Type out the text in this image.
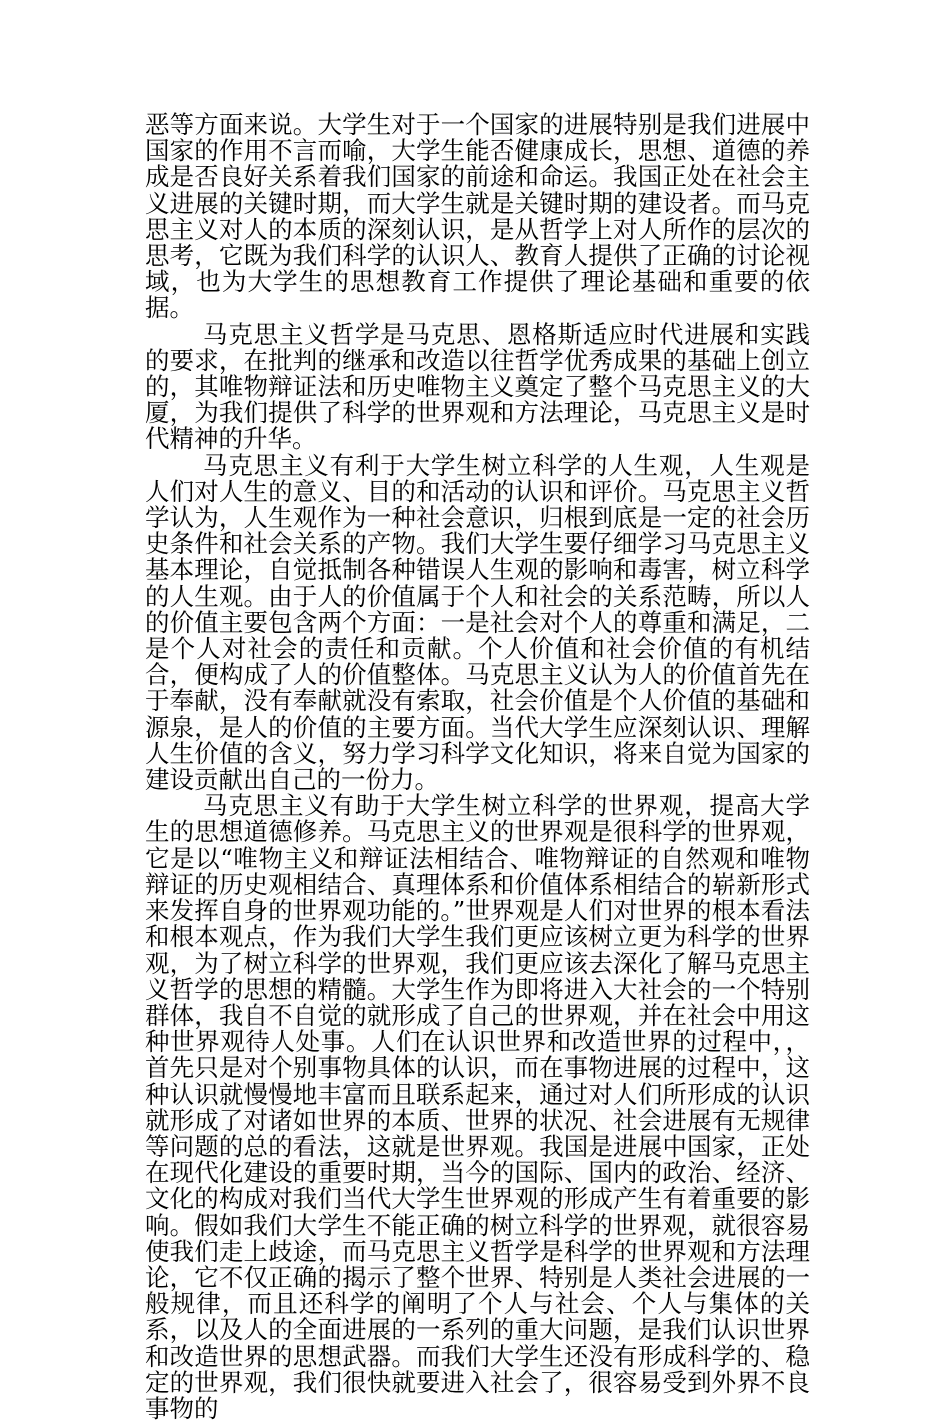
恶等方面来说。大学生对于一个国家的进展特别是我们进展中国家的作用不言而喻，大学生能否健康成长，思想、道德的养成是否良好关系着我们国家的前途和命运。我国正处在社会主义进展的关键时期，而大学生就是关键时期的建设者。而马克思主义对人的本质的深刻认识，是从哲学上对人所作的层次的思考，它既为我们科学的认识人、教育人提供了正确的讨论视域，也为大学生的思想教育工作提供了理论基础和重要的依据。

马克思主义哲学是马克思、恩格斯适应时代进展和实践的要求，在批判的继承和改造以往哲学优秀成果的基础上创立的，其唯物辩证法和历史唯物主义奠定了整个马克思主义的大厦，为我们提供了科学的世界观和方法理论，马克思主义是时代精神的升华。

马克思主义有利于大学生树立科学的人生观，人生观是人们对人生的意义、目的和活动的认识和评价。马克思主义哲学认为，人生观作为一种社会意识，归根到底是一定的社会历史条件和社会关系的产物。我们大学生要仔细学习马克思主义基本理论，自觉抵制各种错误人生观的影响和毒害，树立科学的人生观。由于人的价值属于个人和社会的关系范畴，所以人的价值主要包含两个方面：一是社会对个人的尊重和满足，二是个人对社会的责任和贡献。个人价值和社会价值的有机结合，便构成了人的价值整体。马克思主义认为人的价值首先在于奉献，没有奉献就没有索取，社会价值是个人价值的基础和源泉，是人的价值的主要方面。当代大学生应深刻认识、理解人生价值的含义，努力学习科学文化知识，将来自觉为国家的建设贡献出自己的一份力。

马克思主义有助于大学生树立科学的世界观，提高大学生的思想道德修养。马克思主义的世界观是很科学的世界观，它是以“唯物主义和辩证法相结合、唯物辩证的自然观和唯物辩证的历史观相结合、真理体系和价值体系相结合的崭新形式来发挥自身的世界观功能的。”世界观是人们对世界的根本看法和根本观点，作为我们大学生我们更应该树立更为科学的世界观，为了树立科学的世界观，我们更应该去深化了解马克思主义哲学的思想的精髓。大学生作为即将进入大社会的一个特别群体，我自不自觉的就形成了自己的世界观，并在社会中用这种世界观待人处事。人们在认识世界和改造世界的过程中，，首先只是对个别事物具体的认识，而在事物进展的过程中，这种认识就慢慢地丰富而且联系起来，通过对人们所形成的认识就形成了对诸如世界的本质、世界的状况、社会进展有无规律等问题的总的看法，这就是世界观。我国是进展中国家，正处在现代化建设的重要时期，当今的国际、国内的政治、经济、文化的构成对我们当代大学生世界观的形成产生有着重要的影响。假如我们大学生不能正确的树立科学的世界观，就很容易使我们走上歧途，而马克思主义哲学是科学的世界观和方法理论，它不仅正确的揭示了整个世界、特别是人类社会进展的一般规律，而且还科学的阐明了个人与社会、个人与集体的关系，以及人的全面进展的一系列的重大问题，是我们认识世界和改造世界的思想武器。而我们大学生还没有形成科学的、稳定的世界观，我们很快就要进入社会了，很容易受到外界不良事物的
